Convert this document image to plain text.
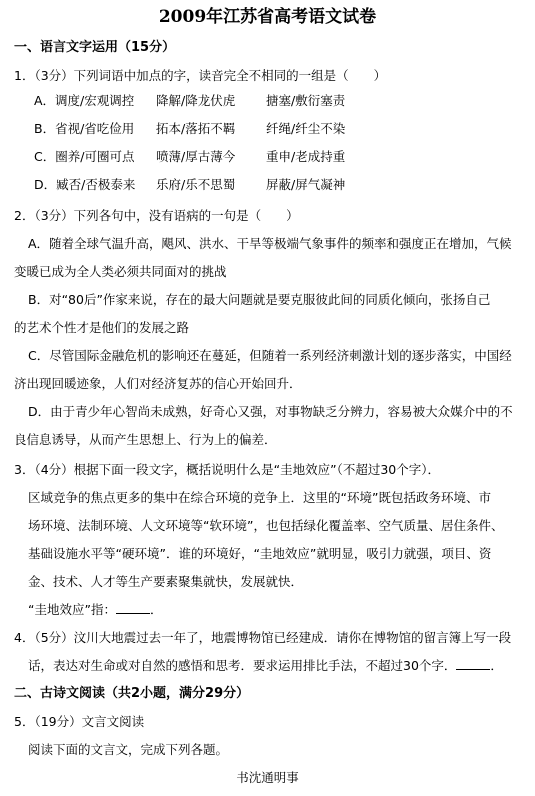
2009年江苏省高考语文试卷
一、语言文字运用（15分）
1．（3分）下列词语中加点的字，读音完全不相同的一组是（　　）
A．调度/宏观调控 降解/降龙伏虎 搪塞/敷衍塞责
B．省视/省吃俭用 拓本/落拓不羁 纤绳/纤尘不染
C．圈养/可圈可点 喷薄/厚古薄今 重申/老成持重
D．臧否/否极泰来 乐府/乐不思蜀 屏蔽/屏气凝神
2．（3分）下列各句中，没有语病的一句是（　　）
A．随着全球气温升高，飓风、洪水、干旱等极端气象事件的频率和强度正在增加，气候
变暖已成为全人类必须共同面对的挑战
B．对“80后”作家来说，存在的最大问题就是要克服彼此间的同质化倾向，张扬自己
的艺术个性才是他们的发展之路
C．尽管国际金融危机的影响还在蔓延，但随着一系列经济刺激计划的逐步落实，中国经
济出现回暖迹象，人们对经济复苏的信心开始回升．
D．由于青少年心智尚未成熟，好奇心又强，对事物缺乏分辨力，容易被大众媒介中的不
良信息诱导，从而产生思想上、行为上的偏差．
3．（4分）根据下面一段文字，概括说明什么是“圭地效应”（不超过30个字）．
区域竞争的焦点更多的集中在综合环境的竞争上．这里的“环境”既包括政务环境、市
场环境、法制环境、人文环境等“软环境”，也包括绿化覆盖率、空气质量、居住条件、
基础设施水平等“硬环境”．谁的环境好，“圭地效应”就明显，吸引力就强，项目、资
金、技术、人才等生产要素聚集就快，发展就快．
“圭地效应”指：	．
4．（5分）汶川大地震过去一年了，地震博物馆已经建成．请你在博物馆的留言簿上写一段
话，表达对生命或对自然的感悟和思考．要求运用排比手法，不超过30个字．	．
二、古诗文阅读（共2小题，满分29分）
5．（19分）文言文阅读
阅读下面的文言文，完成下列各题。
书沈通明事
